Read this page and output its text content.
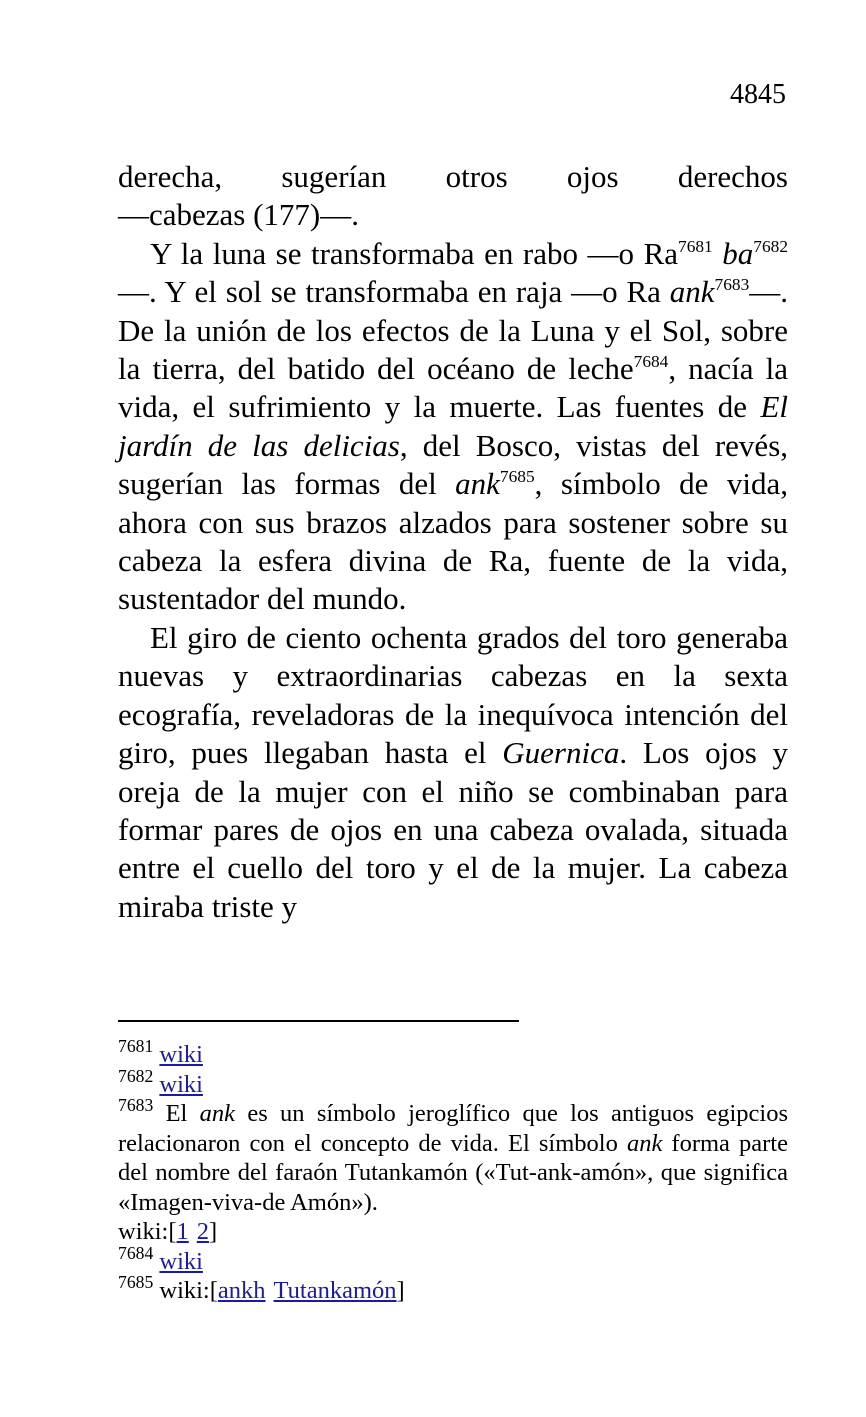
4845

derecha, sugerían otros ojos derechos
—cabezas (177)—.

Y la luna se transformaba en rabo —o $Ra^{7681}$ $ba^{7682}—$. Y el sol se transformaba en raja —o Ra ank$^{7683}$—. De la unión de los efectos de la Luna y el Sol, sobre la tierra, del batido del océano de leche$^{7684}$, nacía la vida, el sufrimiento y la muerte. Las fuentes de El jardín de las delicias, del Bosco, vistas del revés, sugerían las formas del ank$^{7685}$, símbolo de vida, ahora con sus brazos alzados para sostener sobre su cabeza la esfera divina de Ra, fuente de la vida, sustentador del mundo.

El giro de ciento ochenta grados del toro generaba nuevas y extraordinarias cabezas en la sexta ecografía, reveladoras de la inequívoca intención del giro, pues llegaban hasta el Guernica. Los ojos y oreja de la mujer con el niño se combinaban para formar pares de ojos en una cabeza ovalada, situada entre el cuello del toro y el de la mujer. La cabeza miraba triste y

$^{7681}$ wiki

$^{7682}$ wiki

$^{7683}$ El ank es un símbolo jeroglífico que los antiguos egipcios relacionaron con el concepto de vida. El símbolo ank forma parte del nombre del faraón Tutankamón («Tut-ank-amón», que significa «Imagen-viva-de Amón»).

wiki:[1 2]

$^{7684}$ wiki

$^{7685}$ wiki:[ankh Tutankamón]
